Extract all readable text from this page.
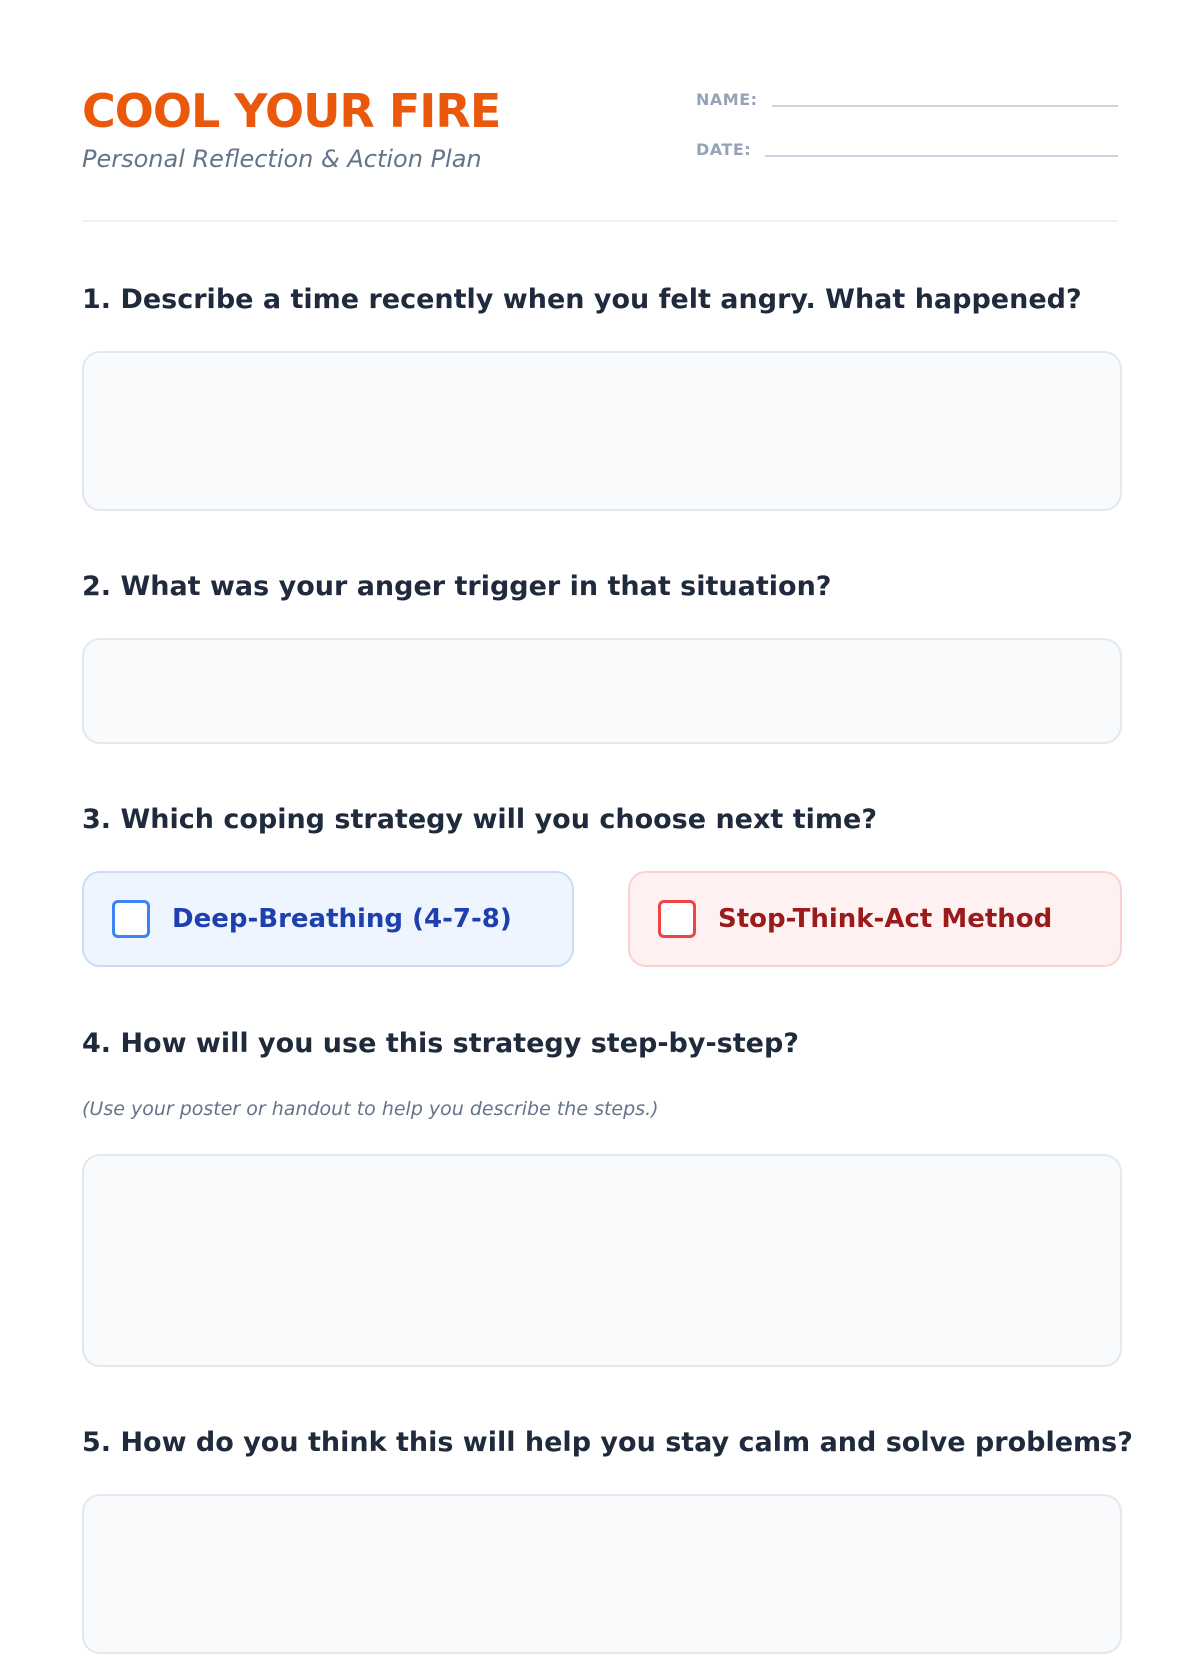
COOL YOUR FIRE
Personal Reflection & Action Plan
NAME:
DATE:
1. Describe a time recently when you felt angry. What happened?
2. What was your anger trigger in that situation?
3. Which coping strategy will you choose next time?
Deep-Breathing (4-7-8)	Stop-Think-Act Method
4. How will you use this strategy step-by-step?
(Use your poster or handout to help you describe the steps.)
5. How do you think this will help you stay calm and solve problems?
